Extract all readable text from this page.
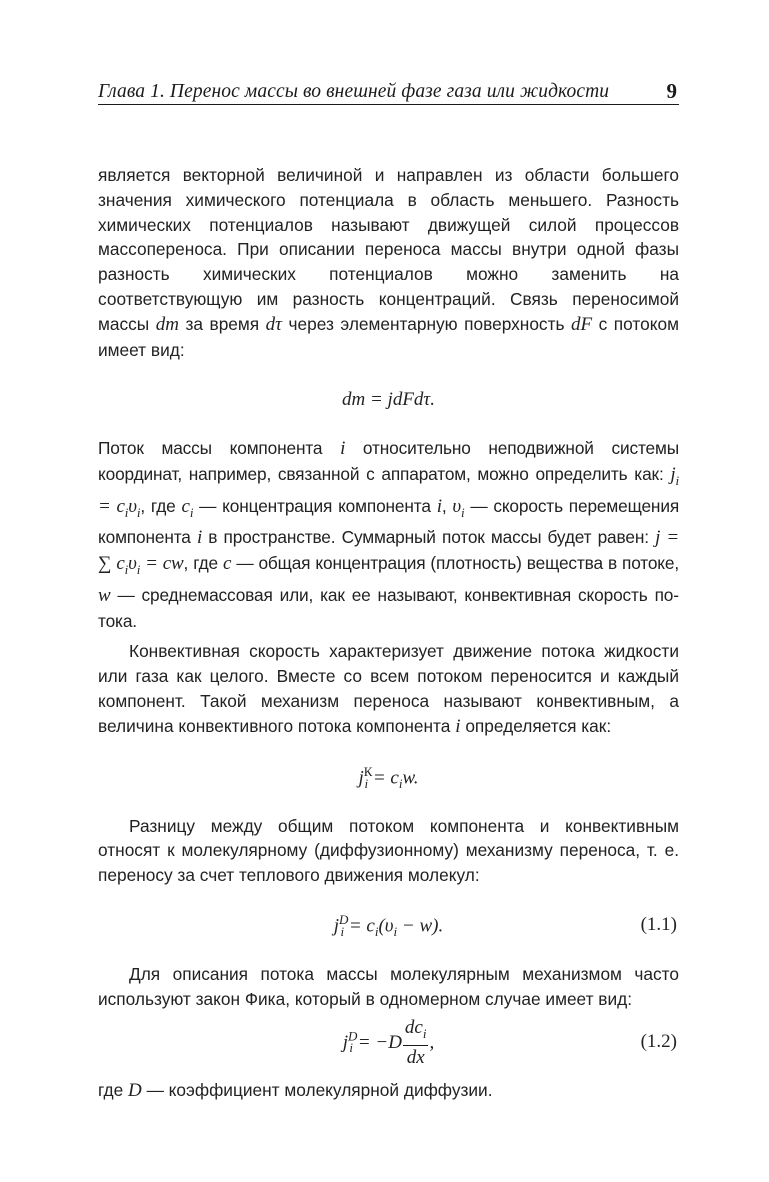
Глава 1. Перенос массы во внешней фазе газа или жидкости	9

является векторной величиной и направлен из области большего значения химического потенциала в область меньшего. Разность химических потенциалов называют движущей силой процессов массопереноса. При описании переноса массы внутри одной фазы разность химических потенциалов можно заменить на соответствующую им разность концентраций. Связь переносимой массы dm за время dτ через элементарную поверхность dF с потоком имеет вид:

dm = jdFdτ.

Поток массы компонента i относительно неподвижной системы координат, например, связанной с аппаратом, можно определить как: $j_i = c_i\upsilon_i$, где $c_i$ — концентрация компонента i, $\upsilon_i$ — скорость перемещения компонента i в пространстве. Суммарный поток массы будет равен: j = ∑ $c_i\upsilon_i$ = cw, где c — общая концентрация (плотность) вещества в потоке, w — среднемассовая или, как ее называют, конвективная скорость потока.

Конвективная скорость характеризует движение потока жидкости или газа как целого. Вместе со всем потоком переносится и каждый компонент. Такой механизм переноса называют конвективным, а величина конвективного потока компонента i определяется как:

$j^К_i = c_iw$.

Разницу между общим потоком компонента и конвективным относят к молекулярному (диффузионному) механизму переноса, т. е. переносу за счет теплового движения молекул:

$j^D_i = c_i(\upsilon_i - w)$.	(1.1)

Для описания потока массы молекулярным механизмом часто используют закон Фика, который в одномерном случае имеет вид:

$j^D_i = -D \frac{dc_i}{dx}$ ,	(1.2)

где D — коэффициент молекулярной диффузии.
